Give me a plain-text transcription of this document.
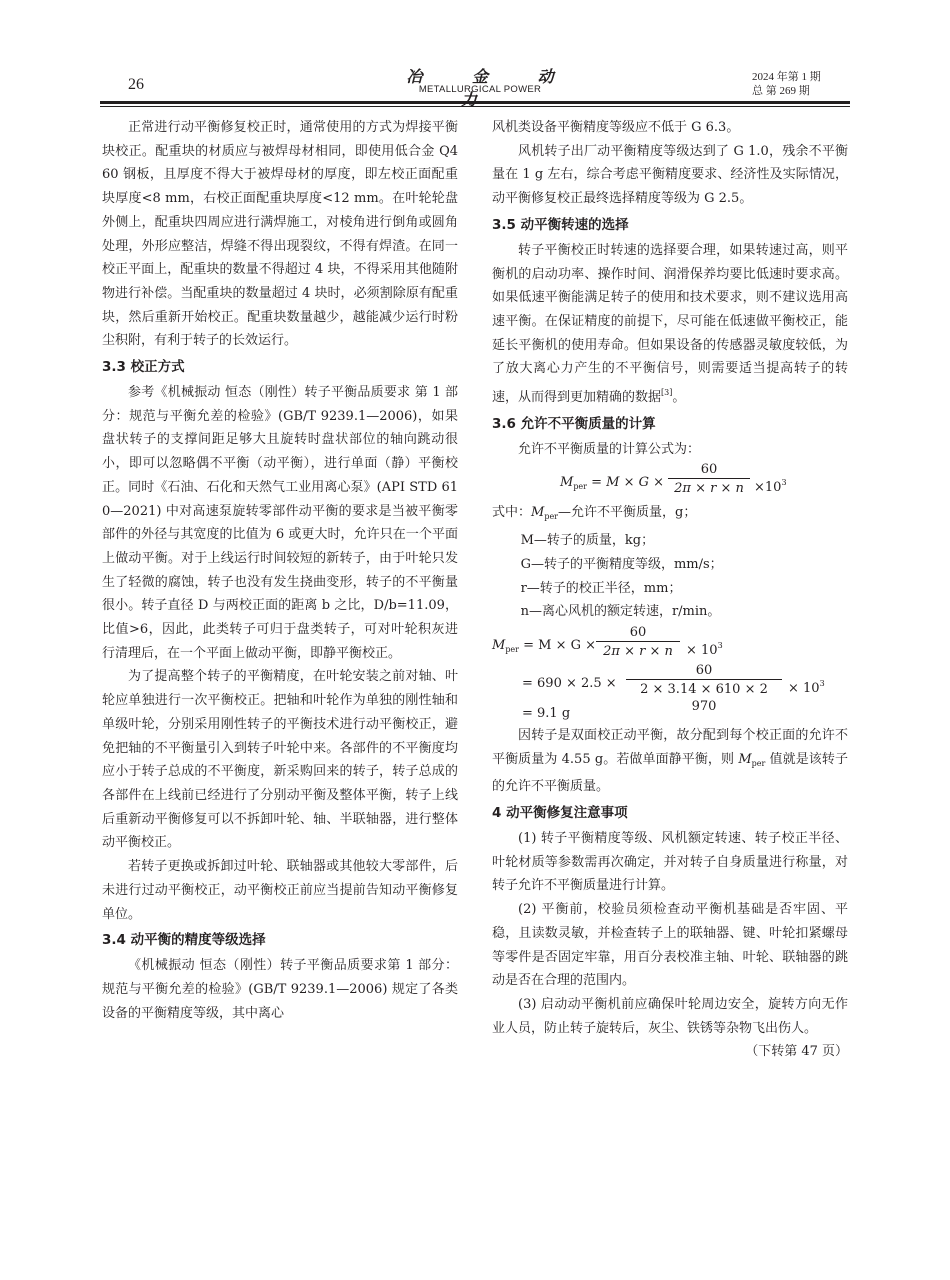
26	冶 金 动 力
METALLURGICAL POWER
2024 年第 1 期
总 第 269 期

正常进行动平衡修复校正时，通常使用的方式为焊接平衡块校正。配重块的材质应与被焊母材相同，即使用低合金 Q460 钢板，且厚度不得大于被焊母材的厚度，即左校正面配重块厚度<8 mm，右校正面配重块厚度<12 mm。在叶轮轮盘外侧上，配重块四周应进行满焊施工，对棱角进行倒角或圆角处理，外形应整洁，焊缝不得出现裂纹，不得有焊渣。在同一校正平面上，配重块的数量不得超过 4 块，不得采用其他随附物进行补偿。当配重块的数量超过 4 块时，必须割除原有配重块，然后重新开始校正。配重块数量越少，越能减少运行时粉尘积附，有利于转子的长效运行。

3.3 校正方式

参考《机械振动 恒态（刚性）转子平衡品质要求 第 1 部分：规范与平衡允差的检验》(GB/T 9239.1—2006)，如果盘状转子的支撑间距足够大且旋转时盘状部位的轴向跳动很小，即可以忽略偶不平衡（动平衡），进行单面（静）平衡校正。同时《石油、石化和天然气工业用离心泵》(API STD 610—2021) 中对高速泵旋转零部件动平衡的要求是当被平衡零部件的外径与其宽度的比值为 6 或更大时，允许只在一个平面上做动平衡。对于上线运行时间较短的新转子，由于叶轮只发生了轻微的腐蚀，转子也没有发生挠曲变形，转子的不平衡量很小。转子直径 D 与两校正面的距离 b 之比，D/b=11.09，比值>6，因此，此类转子可归于盘类转子，可对叶轮积灰进行清理后，在一个平面上做动平衡，即静平衡校正。

为了提高整个转子的平衡精度，在叶轮安装之前对轴、叶轮应单独进行一次平衡校正。把轴和叶轮作为单独的刚性轴和单级叶轮，分别采用刚性转子的平衡技术进行动平衡校正，避免把轴的不平衡量引入到转子叶轮中来。各部件的不平衡度均应小于转子总成的不平衡度，新采购回来的转子，转子总成的各部件在上线前已经进行了分别动平衡及整体平衡，转子上线后重新动平衡修复可以不拆卸叶轮、轴、半联轴器，进行整体动平衡校正。

若转子更换或拆卸过叶轮、联轴器或其他较大零部件，后未进行过动平衡校正，动平衡校正前应当提前告知动平衡修复单位。

3.4 动平衡的精度等级选择

《机械振动 恒态（刚性）转子平衡品质要求第 1 部分：规范与平衡允差的检验》(GB/T 9239.1—2006) 规定了各类设备的平衡精度等级，其中离心

风机类设备平衡精度等级应不低于 G 6.3。

风机转子出厂动平衡精度等级达到了 G 1.0，残余不平衡量在 1 g 左右，综合考虑平衡精度要求、经济性及实际情况，动平衡修复校正最终选择精度等级为 G 2.5。

3.5 动平衡转速的选择

转子平衡校正时转速的选择要合理，如果转速过高，则平衡机的启动功率、操作时间、润滑保养均要比低速时要求高。如果低速平衡能满足转子的使用和技术要求，则不建议选用高速平衡。在保证精度的前提下，尽可能在低速做平衡校正，能延长平衡机的使用寿命。但如果设备的传感器灵敏度较低，为了放大离心力产生的不平衡信号，则需要适当提高转子的转速，从而得到更加精确的数据[3]。

3.6 允许不平衡质量的计算

允许不平衡质量的计算公式为：

$M_{per} = M \times G \times \frac{60}{2\pi \times r \times n} \times 10^3$

式中：$M_{per}—$允许不平衡质量，g；

M—转子的质量，kg；

G—转子的平衡精度等级，mm/s；

r—转子的校正半径，mm；

n—离心风机的额定转速，r/min。

$M_{per} = M \times G \times \frac{60}{2\pi \times r \times n} \times 10^3$
= $690 \times 2.5 \times \frac{60}{2 \times 3.14 \times 610 \times 2 970} \times 10^3$
= 9.1 g

因转子是双面校正动平衡，故分配到每个校正面的允许不平衡质量为 4.55 g。若做单面静平衡，则 $M_{per}$ 值就是该转子的允许不平衡质量。

4 动平衡修复注意事项

(1) 转子平衡精度等级、风机额定转速、转子校正半径、叶轮材质等参数需再次确定，并对转子自身质量进行称量，对转子允许不平衡质量进行计算。

(2) 平衡前，校验员须检查动平衡机基础是否牢固、平稳，且读数灵敏，并检查转子上的联轴器、键、叶轮扣紧螺母等零件是否固定牢靠，用百分表校准主轴、叶轮、联轴器的跳动是否在合理的范围内。

(3) 启动动平衡机前应确保叶轮周边安全，旋转方向无作业人员，防止转子旋转后，灰尘、铁锈等杂物飞出伤人。
（下转第 47 页）
